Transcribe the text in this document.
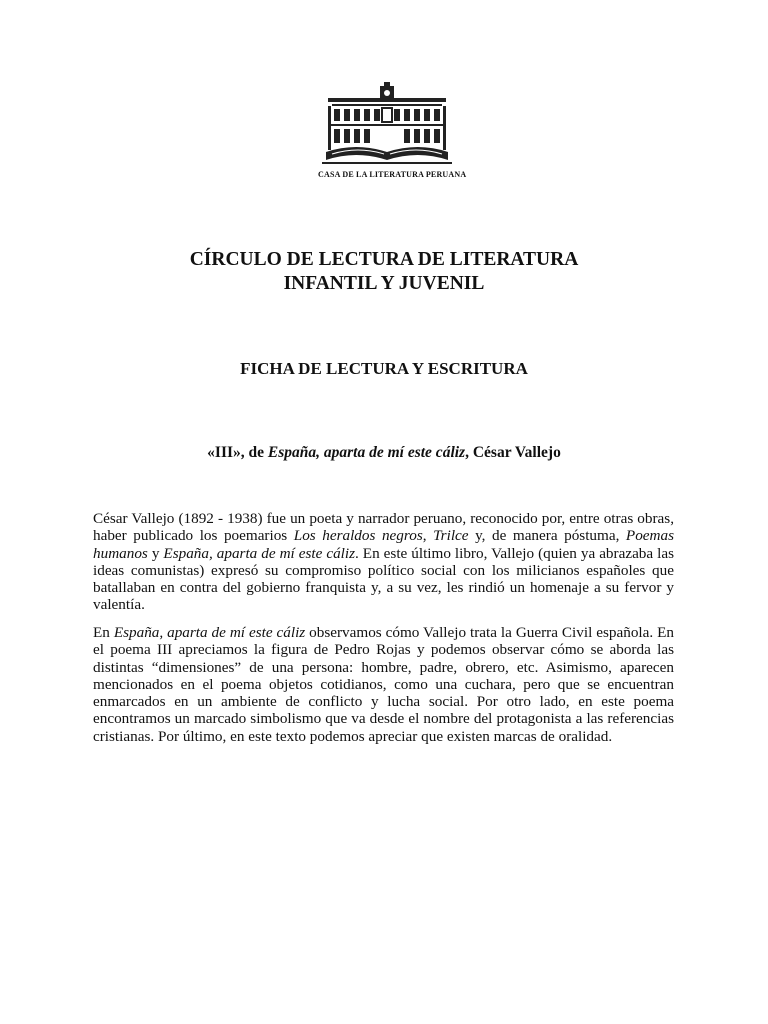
CASA DE LA LITERATURA PERUANA
CÍRCULO DE LECTURA DE LITERATURA
INFANTIL Y JUVENIL
FICHA DE LECTURA Y ESCRITURA
«III», de España, aparta de mí este cáliz, César Vallejo
César Vallejo (1892 - 1938) fue un poeta y narrador peruano, reconocido por, entre otras obras, haber publicado los poemarios Los heraldos negros, Trilce y, de manera póstuma, Poemas humanos y España, aparta de mí este cáliz. En este último libro, Vallejo (quien ya abrazaba las ideas comunistas) expresó su compromiso político social con los milicianos españoles que batallaban en contra del gobierno franquista y, a su vez, les rindió un homenaje a su fervor y valentía.
En España, aparta de mí este cáliz observamos cómo Vallejo trata la Guerra Civil española. En el poema III apreciamos la figura de Pedro Rojas y podemos observar cómo se aborda las distintas “dimensiones” de una persona: hombre, padre, obrero, etc. Asimismo, aparecen mencionados en el poema objetos cotidianos, como una cuchara, pero que se encuentran enmarcados en un ambiente de conflicto y lucha social. Por otro lado, en este poema encontramos un marcado simbolismo que va desde el nombre del protagonista a las referencias cristianas. Por último, en este texto podemos apreciar que existen marcas de oralidad.
